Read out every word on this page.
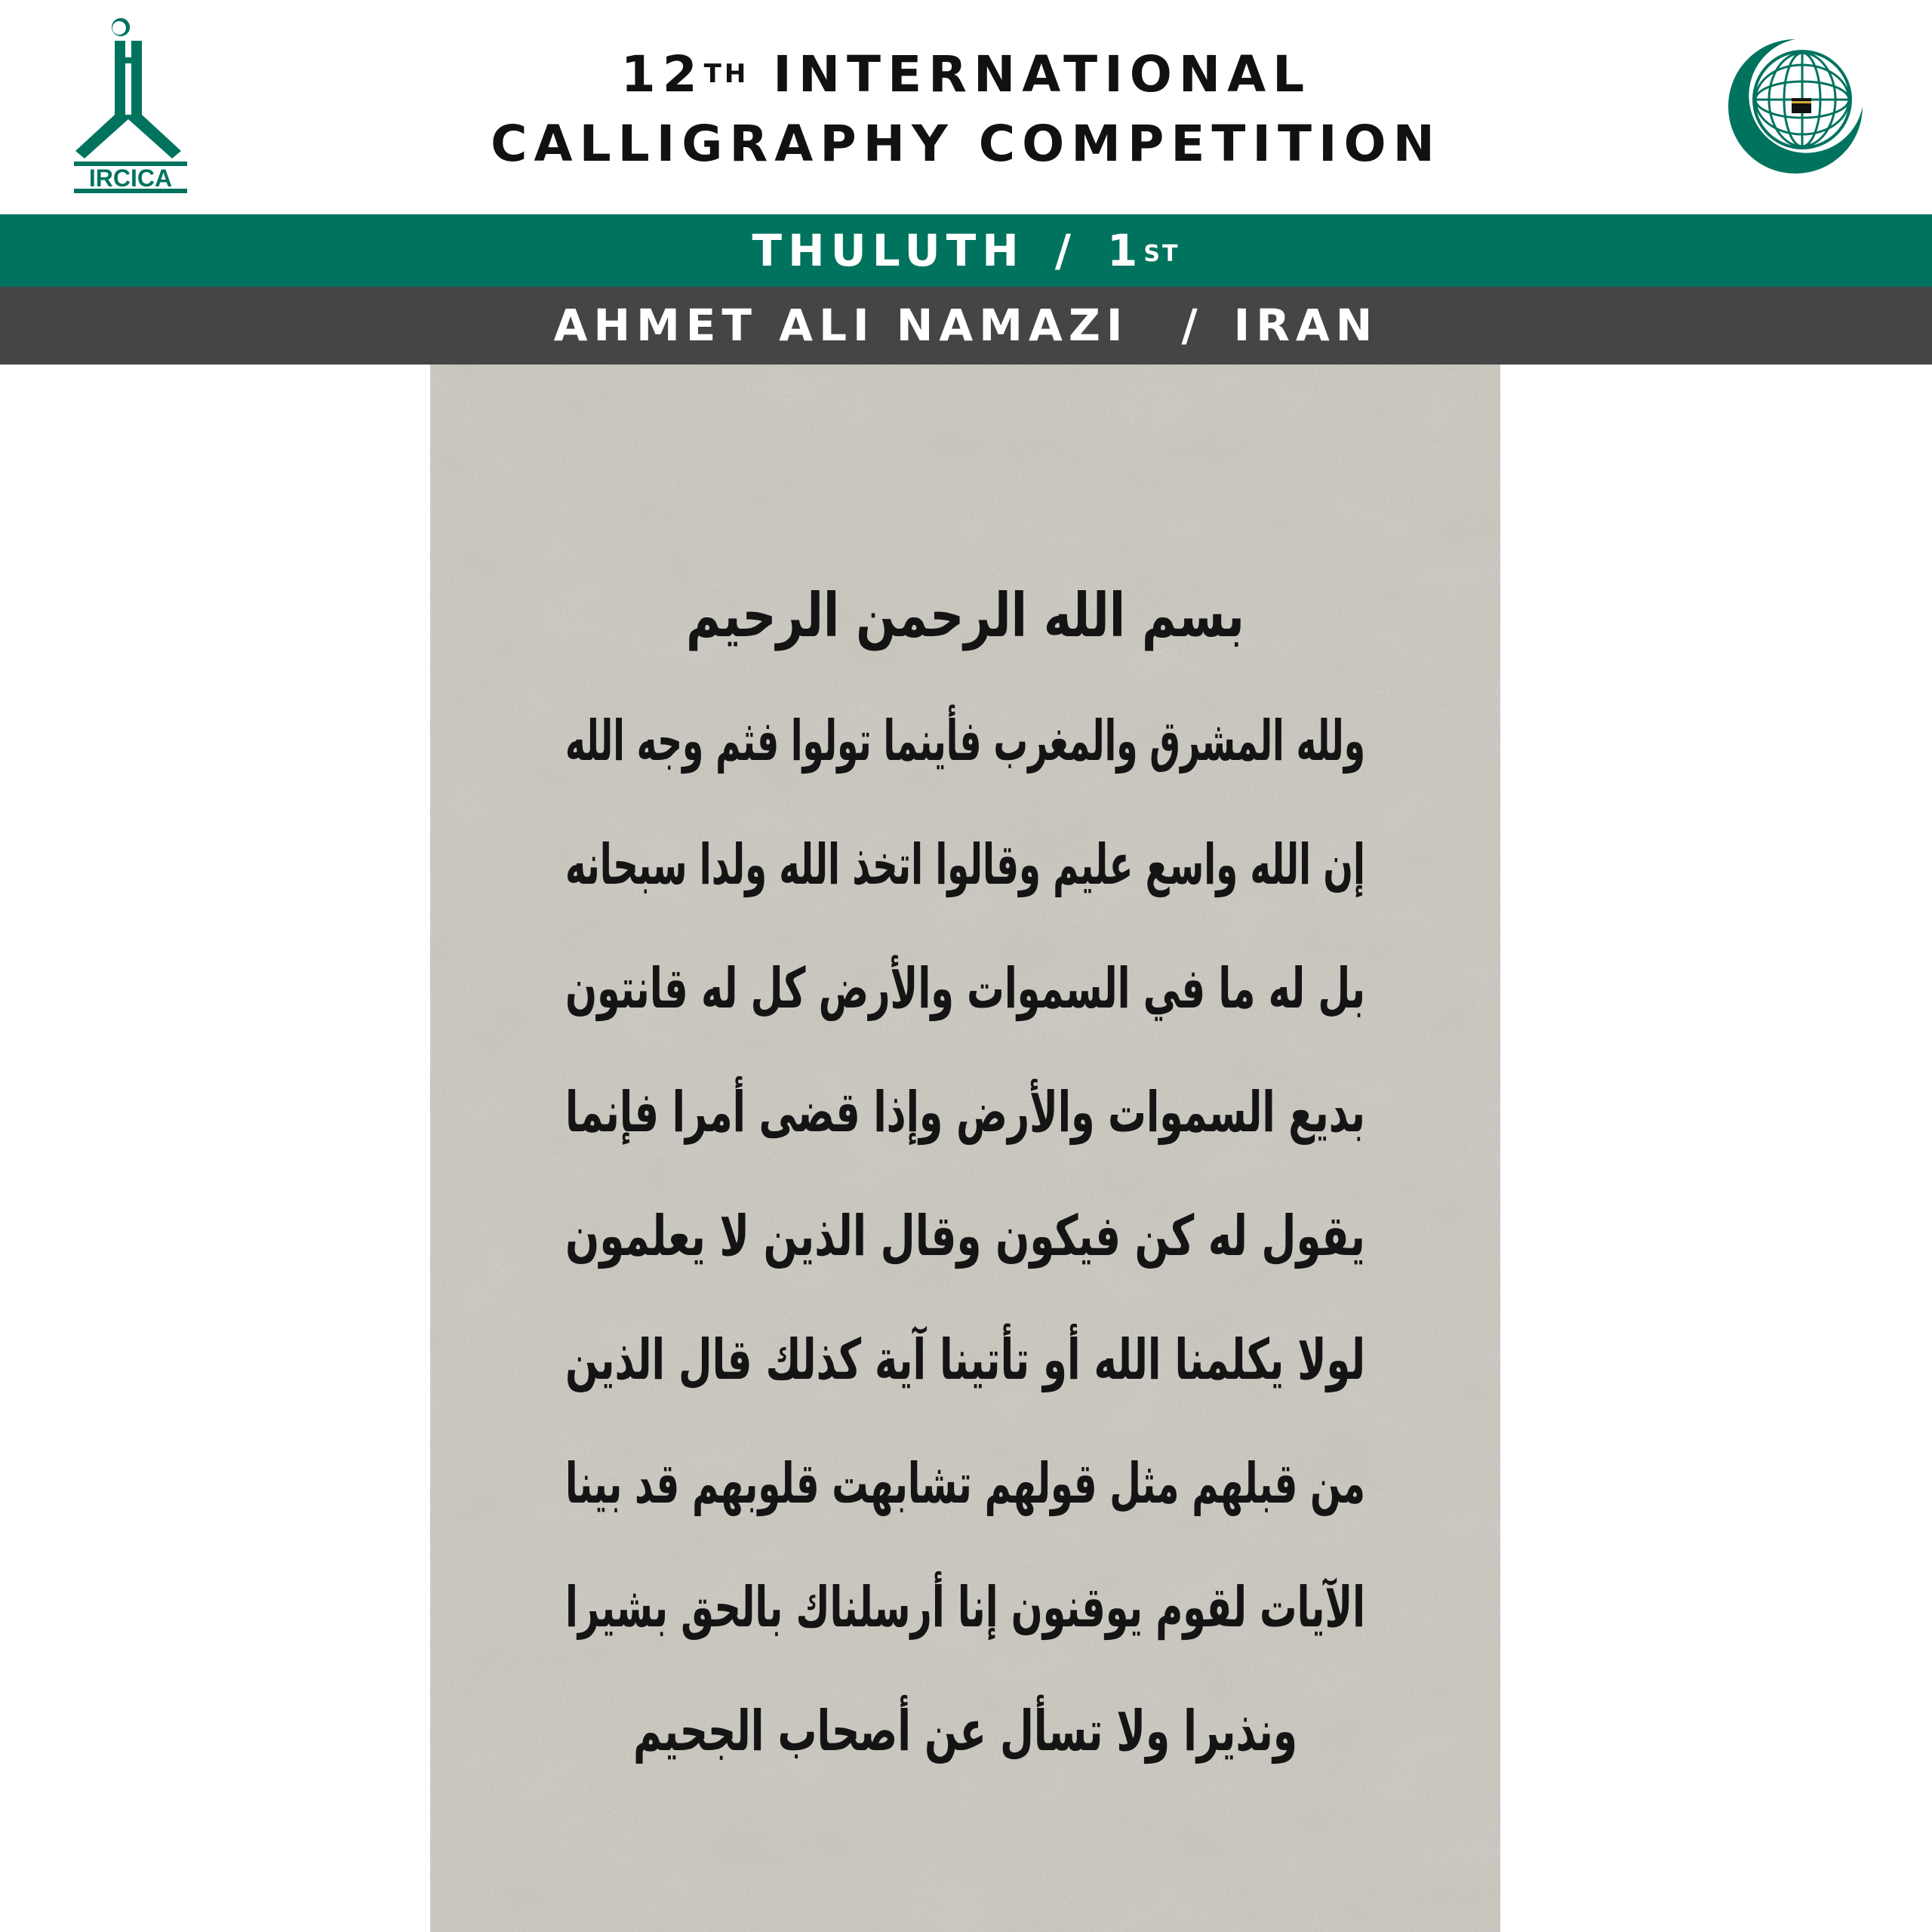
IRCICA
12TH INTERNATIONAL
CALLIGRAPHY COMPETITION
THULUTH / 1ST
AHMET ALI NAMAZI / IRAN
بسم الله الرحمن الرحيم
ولله المشرق والمغرب فأينما تولوا فثم وجه الله
إن الله واسع عليم وقالوا اتخذ الله ولدا سبحانه
بل له ما في السموات والأرض كل له قانتون
بديع السموات والأرض وإذا قضى أمرا فإنما
يقول له كن فيكون وقال الذين لا يعلمون
لولا يكلمنا الله أو تأتينا آية كذلك قال الذين
من قبلهم مثل قولهم تشابهت قلوبهم قد بينا
الآيات لقوم يوقنون إنا أرسلناك بالحق بشيرا
ونذيرا ولا تسأل عن أصحاب الجحيم
